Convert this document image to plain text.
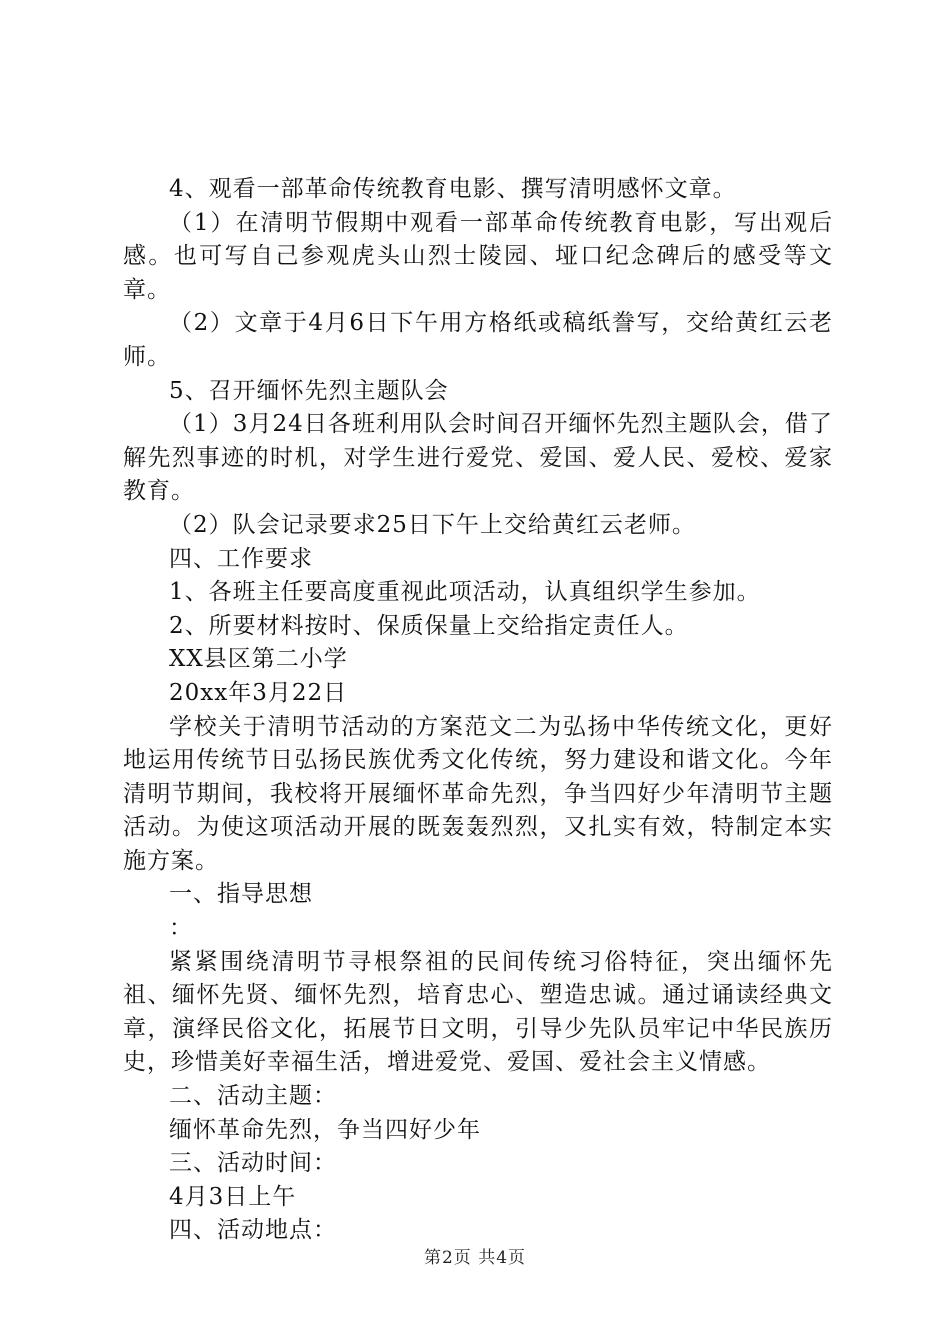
4、观看一部革命传统教育电影、撰写清明感怀文章。

（1）在清明节假期中观看一部革命传统教育电影，写出观后感。也可写自己参观虎头山烈士陵园、垭口纪念碑后的感受等文章。

（2）文章于4月6日下午用方格纸或稿纸誊写，交给黄红云老师。

5、召开缅怀先烈主题队会

（1）3月24日各班利用队会时间召开缅怀先烈主题队会，借了解先烈事迹的时机，对学生进行爱党、爱国、爱人民、爱校、爱家教育。

（2）队会记录要求25日下午上交给黄红云老师。

四、工作要求

1、各班主任要高度重视此项活动，认真组织学生参加。

2、所要材料按时、保质保量上交给指定责任人。

XX县区第二小学

20xx年3月22日

学校关于清明节活动的方案范文二为弘扬中华传统文化，更好地运用传统节日弘扬民族优秀文化传统，努力建设和谐文化。今年清明节期间，我校将开展缅怀革命先烈，争当四好少年清明节主题活动。为使这项活动开展的既轰轰烈烈，又扎实有效，特制定本实施方案。

一、指导思想

：

紧紧围绕清明节寻根祭祖的民间传统习俗特征，突出缅怀先祖、缅怀先贤、缅怀先烈，培育忠心、塑造忠诚。通过诵读经典文章，演绎民俗文化，拓展节日文明，引导少先队员牢记中华民族历史，珍惜美好幸福生活，增进爱党、爱国、爱社会主义情感。

二、活动主题：

缅怀革命先烈，争当四好少年

三、活动时间：

4月3日上午

四、活动地点：

第2页 共4页
